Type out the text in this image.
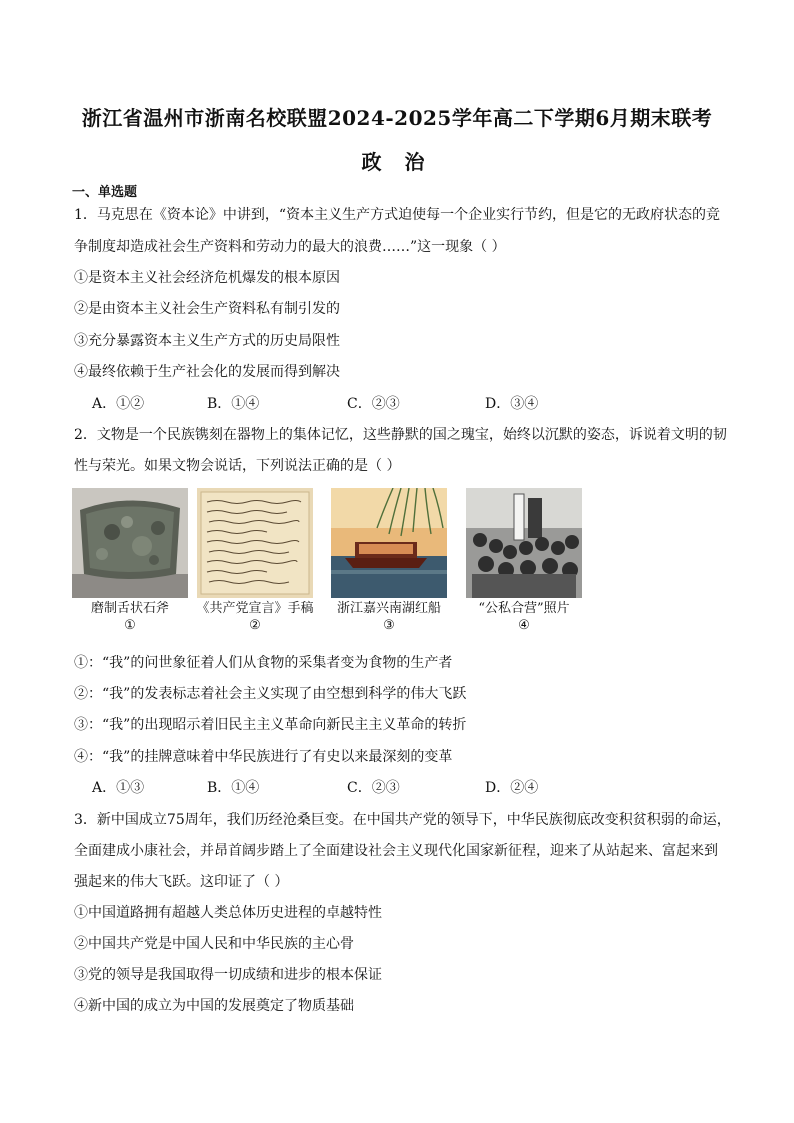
浙江省温州市浙南名校联盟2024-2025学年高二下学期6月期末联考
政 治
一、单选题
1．马克思在《资本论》中讲到，“资本主义生产方式迫使每一个企业实行节约，但是它的无政府状态的竞
争制度却造成社会生产资料和劳动力的最大的浪费……”这一现象（ ）
①是资本主义社会经济危机爆发的根本原因
②是由资本主义社会生产资料私有制引发的
③充分暴露资本主义生产方式的历史局限性
④最终依赖于生产社会化的发展而得到解决
A．①②	B．①④	C．②③	D．③④
2．文物是一个民族镌刻在器物上的集体记忆，这些静默的国之瑰宝，始终以沉默的姿态，诉说着文明的韧
性与荣光。如果文物会说话，下列说法正确的是（ ）
磨制舌状石斧
①
《共产党宣言》手稿
②
浙江嘉兴南湖红船
③
“公私合营”照片
④
①：“我”的问世象征着人们从食物的采集者变为食物的生产者
②：“我”的发表标志着社会主义实现了由空想到科学的伟大飞跃
③：“我”的出现昭示着旧民主主义革命向新民主主义革命的转折
④：“我”的挂牌意味着中华民族进行了有史以来最深刻的变革
A．①③	B．①④	C．②③	D．②④
3．新中国成立75周年，我们历经沧桑巨变。在中国共产党的领导下，中华民族彻底改变积贫积弱的命运，
全面建成小康社会，并昂首阔步踏上了全面建设社会主义现代化国家新征程，迎来了从站起来、富起来到
强起来的伟大飞跃。这印证了（ ）
①中国道路拥有超越人类总体历史进程的卓越特性
②中国共产党是中国人民和中华民族的主心骨
③党的领导是我国取得一切成绩和进步的根本保证
④新中国的成立为中国的发展奠定了物质基础
